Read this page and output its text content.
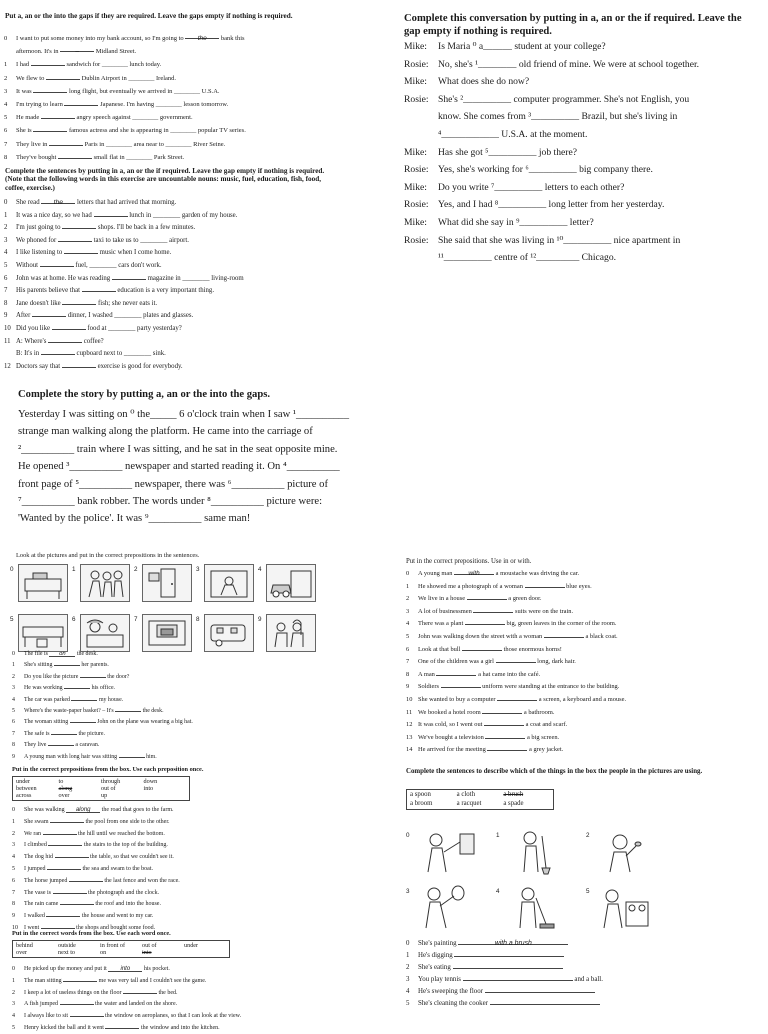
Put a, an or the into the gaps if they are required. Leave the gaps empty if nothing is required.
0 I want to put some money into my bank account, so I'm going to the bank this
afternoon. It's in	–	Midland Street.
1 I had	sandwich for ________ lunch today.
2 We flew to	Dublin Airport in ________ Ireland.
3 It was	long flight, but eventually we arrived in ________ U.S.A.
4 I'm trying to learn	Japanese. I'm having ________ lesson tomorrow.
5 He made	angry speech against ________ government.
6 She is	famous actress and she is appearing in ________ popular TV series.
7 They live in	Paris in ________ area near to ________ River Seine.
8 They've bought	small flat in ________ Park Street.
Complete the sentences by putting in a, an or the if required. Leave the gap empty if nothing is required. (Note that the following words in this exercise are uncountable nouns: music, fuel, education, fish, food, coffee, exercise.)
0 She read the letters that had arrived that morning.
1 It was a nice day, so we had	lunch in ________ garden of my house.
2 I'm just going to	shops. I'll be back in a few minutes.
3 We phoned for	taxi to take us to ________ airport.
4 I like listening to	music when I come home.
5 Without	fuel, ________ cars don't work.
6 John was at home. He was reading	magazine in ________ living-room
7 His parents believe that	education is a very important thing.
8 Jane doesn't like	fish; she never eats it.
9 After	dinner, I washed ________ plates and glasses.
10 Did you like	food at ________ party yesterday?
11 A: Where's	coffee?
B: It's in	cupboard next to ________ sink.
12 Doctors say that	exercise is good for everybody.
Complete this conversation by putting in a, an or the if required. Leave the gap empty if nothing is required.
Mike:	Is Maria ⁰ a______ student at your college?
Rosie: No, she's ¹________ old friend of mine. We were at school together.
Mike:	What does she do now?
Rosie: She's ²__________ computer programmer. She's not English, you
know. She comes from ³__________ Brazil, but she's living in
⁴____________ U.S.A. at the moment.
Mike:	Has she got ⁵__________ job there?
Rosie: Yes, she's working for ⁶__________ big company there.
Mike:	Do you write ⁷__________ letters to each other?
Rosie: Yes, and I had ⁸__________ long letter from her yesterday.
Mike:	What did she say in ⁹__________ letter?
Rosie: She said that she was living in ¹⁰__________ nice apartment in
¹¹__________ centre of ¹²_________ Chicago.
Complete the story by putting a, an or the into the gaps.
Yesterday I was sitting on ⁰ the_____ 6 o'clock train when I saw ¹__________
strange man walking along the platform. He came into the carriage of
²__________ train where I was sitting, and he sat in the seat opposite mine.
He opened ³__________ newspaper and started reading it. On ⁴__________
front page of ⁵__________ newspaper, there was ⁶__________ picture of
⁷__________ bank robber. The words under ⁸__________ picture were:
'Wanted by the police'. It was ⁹__________ same man!
Look at the pictures and put in the correct prepositions in the sentences.
0	1	2	3	4
5	6	7	8	9
0 The file is on the desk.
1 She's sitting	her parents.
2 Do you like the picture	the door?
3 He was working	his office.
4 The car was parked	my house.
5 Where's the waste-paper basket? – It's	the desk.
6 The woman sitting	John on the plane was wearing a big hat.
7 The safe is	the picture.
8 They live	a caravan.
9 A young man with long hair was sitting	him.
Put in the correct prepositions from the box. Use each preposition once.
under	to	through	down
between	along	out of	into
across	over	up
0 She was walking along the road that goes to the farm.
1 She swam	the pool from one side to the other.
2 We ran	the hill until we reached the bottom.
3 I climbed	the stairs to the top of the building.
4 The dog hid	the table, so that we couldn't see it.
5 I jumped	the sea and swam to the boat.
6 The horse jumped	the last fence and won the race.
7 The vase is	the photograph and the clock.
8 The rain came	the roof and into the house.
9 I walked	the house and went to my car.
10 I went	the shops and bought some food.
Put in the correct words from the box. Use each word once.
behind	outside	in front of	out of	under
over	next to	on	into
0 He picked up the money and put it into his pocket.
1 The man sitting	me was very tall and I couldn't see the game.
2 I keep a lot of useless things on the floor	the bed.
3 A fish jumped	the water and landed on the shore.
4 I always like to sit	the window on aeroplanes, so that I can look at the view.
5 Henry kicked the ball and it went	the window and into the kitchen.
Put in the correct prepositions. Use in or with.
0 A young man with a moustache was driving the car.
1 He showed me a photograph of a woman	blue eyes.
2 We live in a house	a green door.
3 A lot of businessmen	suits were on the train.
4 There was a plant	big, green leaves in the corner of the room.
5 John was walking down the street with a woman	a black coat.
6 Look at that bull	those enormous horns!
7 One of the children was a girl	long, dark hair.
8 A man	a hat came into the café.
9 Soldiers	uniform were standing at the entrance to the building.
10 She wanted to buy a computer	a screen, a keyboard and a mouse.
11 We booked a hotel room	a bathroom.
12 It was cold, so I went out	a coat and scarf.
13 We've bought a television	a big screen.
14 He arrived for the meeting	a grey jacket.
Complete the sentences to describe which of the things in the box the people in the pictures are using.
a spoon	a cloth	a brush
a broom	a racquet	a spade
0	1	2
3	4	5
0 She's painting	with a brush
1 He's digging
2 She's eating
3 You play tennis	and a ball.
4 He's sweeping the floor
5 She's cleaning the cooker
